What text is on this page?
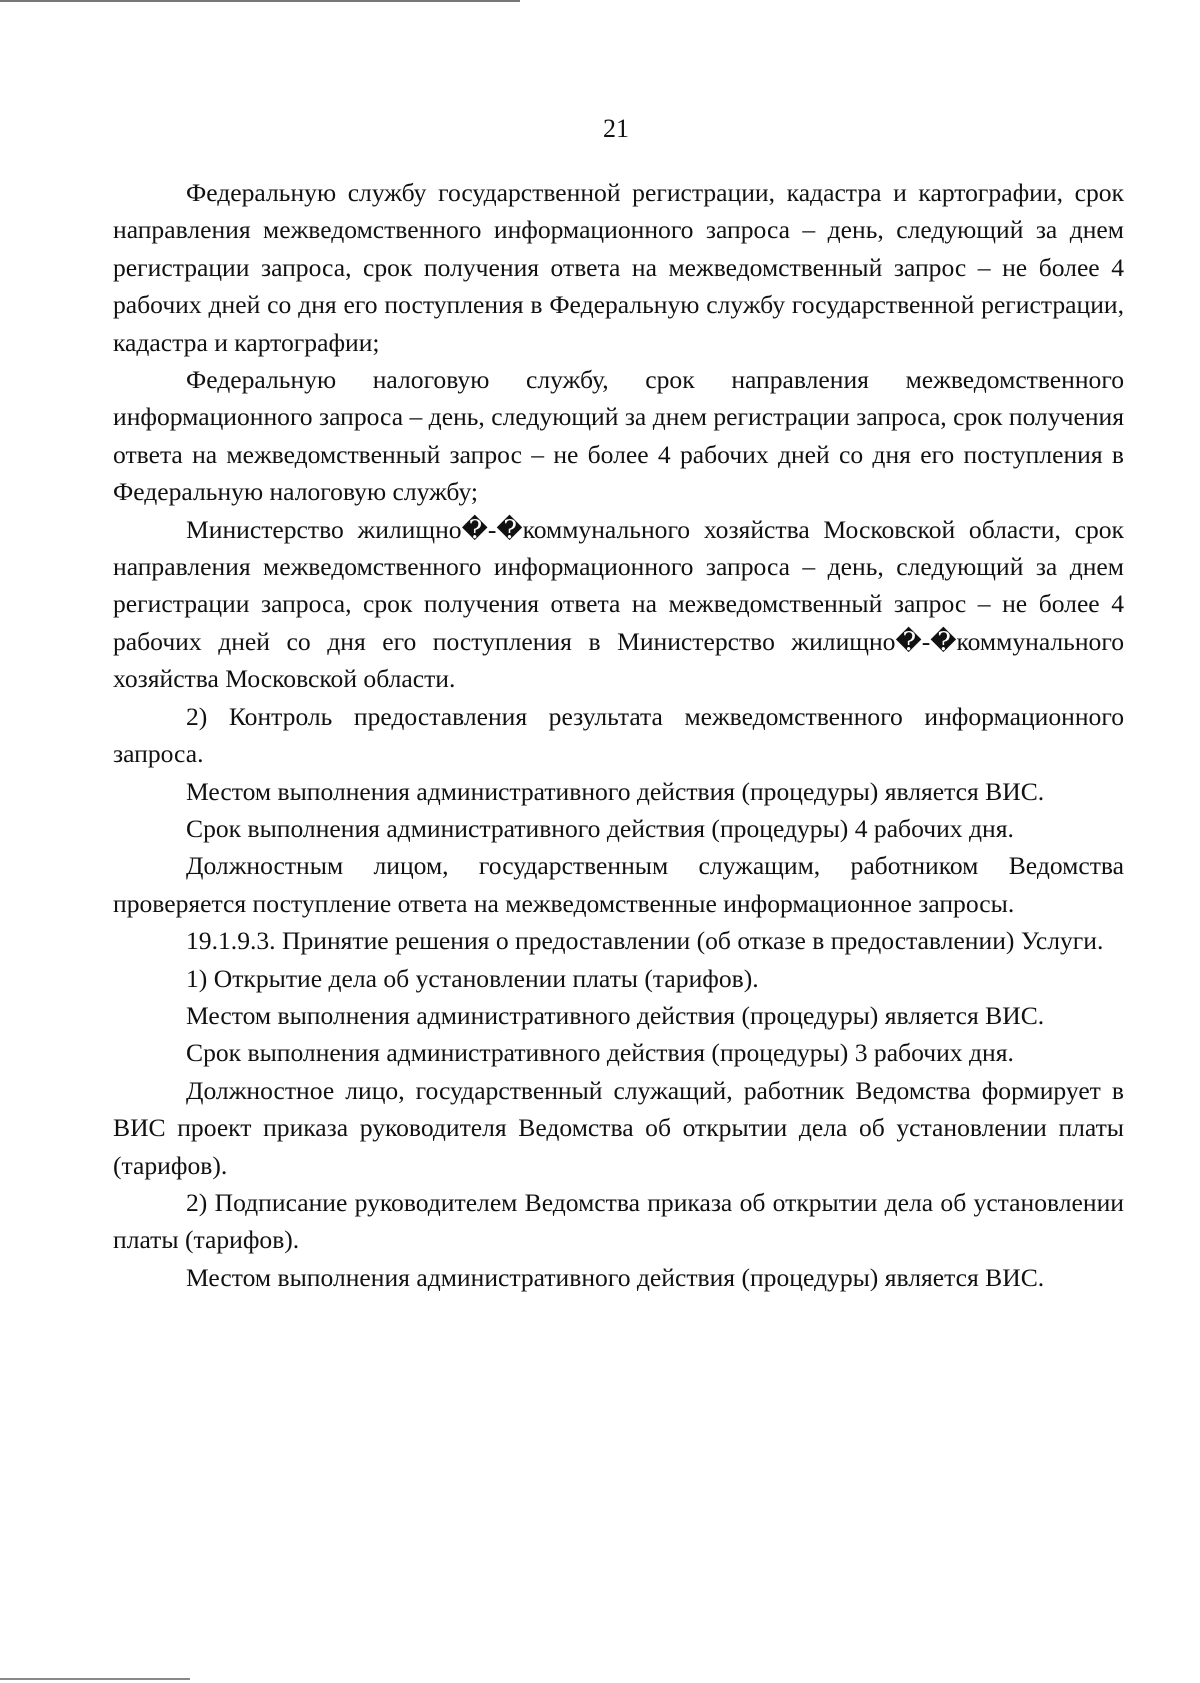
21

Федеральную службу государственной регистрации, кадастра и картографии, срок направления межведомственного информационного запроса – день, следующий за днем регистрации запроса, срок получения ответа на межведомственный запрос – не более 4 рабочих дней со дня его поступления в Федеральную службу государственной регистрации, кадастра и картографии;

Федеральную налоговую службу, срок направления межведомственного информационного запроса – день, следующий за днем регистрации запроса, срок получения ответа на межведомственный запрос – не более 4 рабочих дней со дня его поступления в Федеральную налоговую службу;

Министерство жилищно�-�коммунального хозяйства Московской области, срок направления межведомственного информационного запроса – день, следующий за днем регистрации запроса, срок получения ответа на межведомственный запрос – не более 4 рабочих дней со дня его поступления в Министерство жилищно�-�коммунального хозяйства Московской области.

2) Контроль предоставления результата межведомственного информационного запроса.

Местом выполнения административного действия (процедуры) является ВИС.

Срок выполнения административного действия (процедуры) 4 рабочих дня.

Должностным лицом, государственным служащим, работником Ведомства проверяется поступление ответа на межведомственные информационное запросы.

19.1.9.3. Принятие решения о предоставлении (об отказе в предоставлении) Услуги.

1) Открытие дела об установлении платы (тарифов).

Местом выполнения административного действия (процедуры) является ВИС.

Срок выполнения административного действия (процедуры) 3 рабочих дня.

Должностное лицо, государственный служащий, работник Ведомства формирует в ВИС проект приказа руководителя Ведомства об открытии дела об установлении платы (тарифов).

2) Подписание руководителем Ведомства приказа об открытии дела об установлении платы (тарифов).

Местом выполнения административного действия (процедуры) является ВИС.
